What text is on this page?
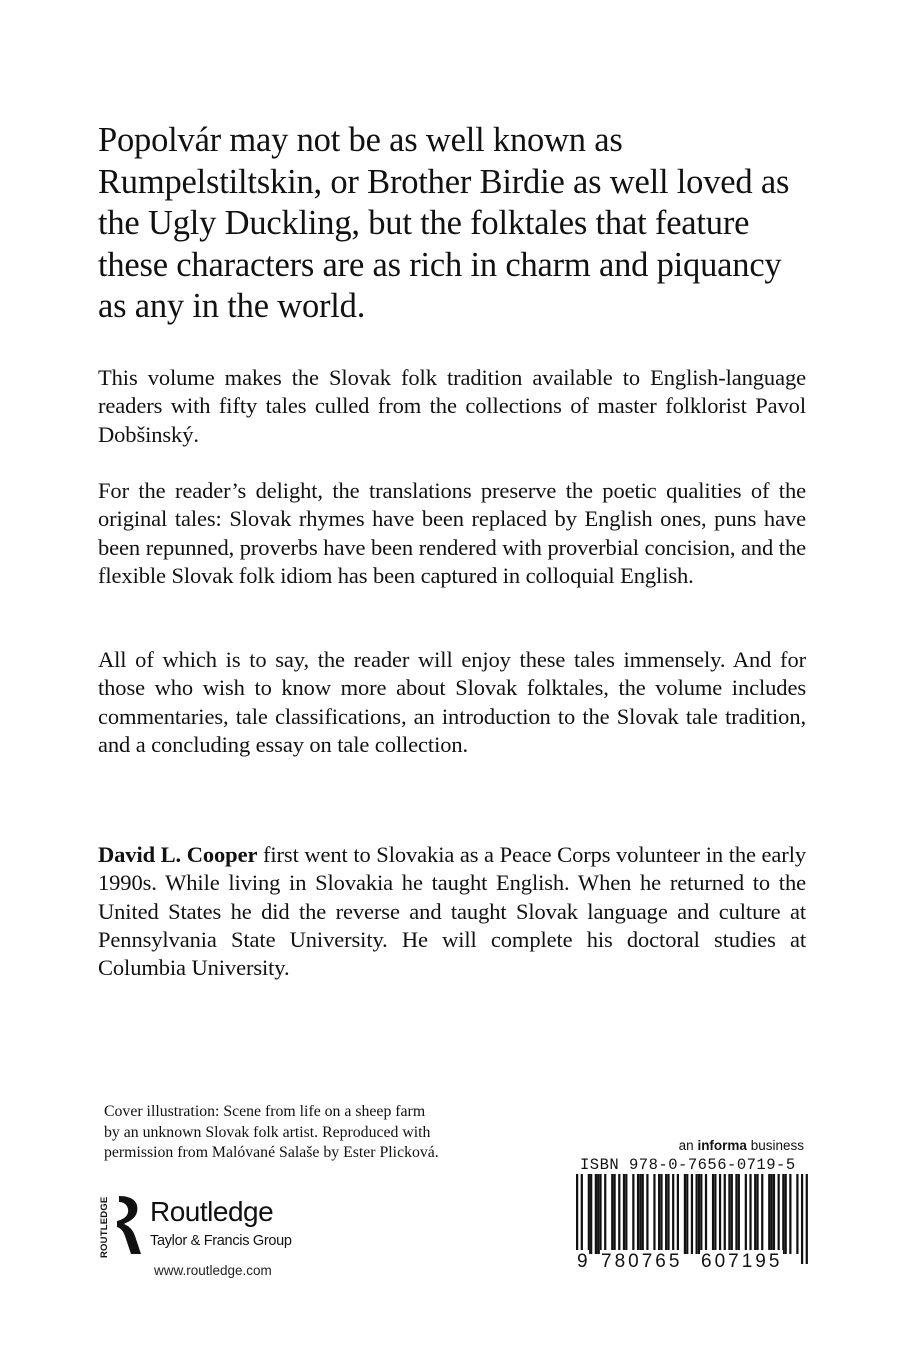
Popolvár may not be as well known as Rumpelstiltskin, or Brother Birdie as well loved as the Ugly Duckling, but the folktales that feature these characters are as rich in charm and piquancy as any in the world.

This volume makes the Slovak folk tradition available to English-language readers with fifty tales culled from the collections of master folklorist Pavol Dobšinský.

For the reader’s delight, the translations preserve the poetic qualities of the original tales: Slovak rhymes have been replaced by English ones, puns have been repunned, proverbs have been rendered with proverbial concision, and the flexible Slovak folk idiom has been captured in colloquial English.

All of which is to say, the reader will enjoy these tales immensely. And for those who wish to know more about Slovak folktales, the volume includes commentaries, tale classifications, an introduction to the Slovak tale tradition, and a concluding essay on tale collection.

David L. Cooper first went to Slovakia as a Peace Corps volunteer in the early 1990s. While living in Slovakia he taught English. When he returned to the United States he did the reverse and taught Slovak language and culture at Pennsylvania State University. He will complete his doctoral studies at Columbia University.

Cover illustration: Scene from life on a sheep farm
by an unknown Slovak folk artist. Reproduced with
permission from Malóvané Salaše by Ester Plicková.
ROUTLEDGE Routledge
Taylor & Francis Group
www.routledge.com
an informa business
ISBN 978-0-7656-0719-5
9 780765 607195
